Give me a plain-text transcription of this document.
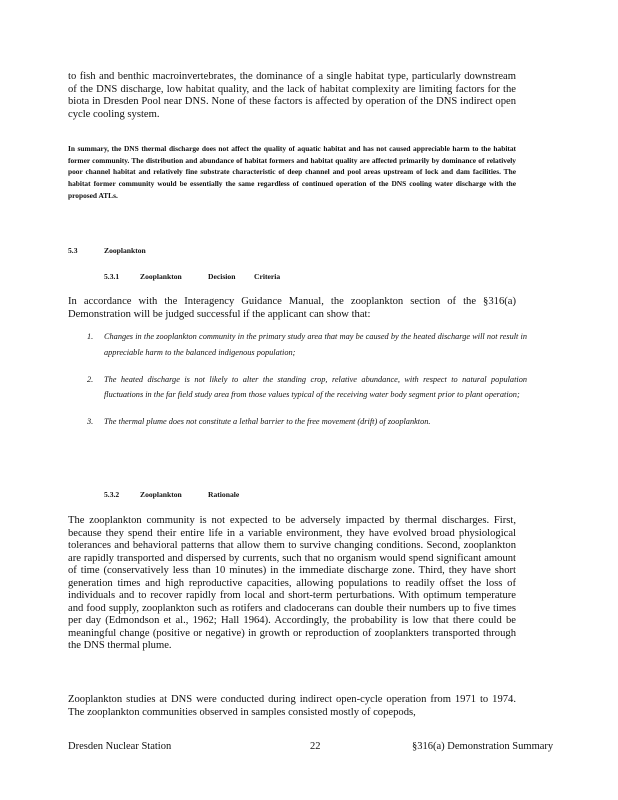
to fish and benthic macroinvertebrates, the dominance of a single habitat type, particularly downstream of the DNS discharge, low habitat quality, and the lack of habitat complexity are limiting factors for the biota in Dresden Pool near DNS. None of these factors is affected by operation of the DNS indirect open cycle cooling system.

In summary, the DNS thermal discharge does not affect the quality of aquatic habitat and has not caused appreciable harm to the habitat former community. The distribution and abundance of habitat formers and habitat quality are affected primarily by dominance of relatively poor channel habitat and relatively fine substrate characteristic of deep channel and pool areas upstream of lock and dam facilities. The habitat former community would be essentially the same regardless of continued operation of the DNS cooling water discharge with the proposed ATLs.

5.3	Zooplankton
5.3.1	Zooplankton	Decision Criteria

In accordance with the Interagency Guidance Manual, the zooplankton section of the §316(a) Demonstration will be judged successful if the applicant can show that:

1. Changes in the zooplankton community in the primary study area that may be caused by the heated discharge will not result in appreciable harm to the balanced indigenous population;
2. The heated discharge is not likely to alter the standing crop, relative abundance, with respect to natural population fluctuations in the far field study area from those values typical of the receiving water body segment prior to plant operation;
3. The thermal plume does not constitute a lethal barrier to the free movement (drift) of zooplankton.
5.3.2	Zooplankton	Rationale

The zooplankton community is not expected to be adversely impacted by thermal discharges. First, because they spend their entire life in a variable environment, they have evolved broad physiological tolerances and behavioral patterns that allow them to survive changing conditions. Second, zooplankton are rapidly transported and dispersed by currents, such that no organism would spend significant amount of time (conservatively less than 10 minutes) in the immediate discharge zone. Third, they have short generation times and high reproductive capacities, allowing populations to readily offset the loss of individuals and to recover rapidly from local and short-term perturbations. With optimum temperature and food supply, zooplankton such as rotifers and cladocerans can double their numbers up to five times per day (Edmondson et al., 1962; Hall 1964). Accordingly, the probability is low that there could be meaningful change (positive or negative) in growth or reproduction of zooplankters transported through the DNS thermal plume.

Zooplankton studies at DNS were conducted during indirect open-cycle operation from 1971 to 1974. The zooplankton communities observed in samples consisted mostly of copepods,

Dresden Nuclear Station	22	§316(a) Demonstration Summary
